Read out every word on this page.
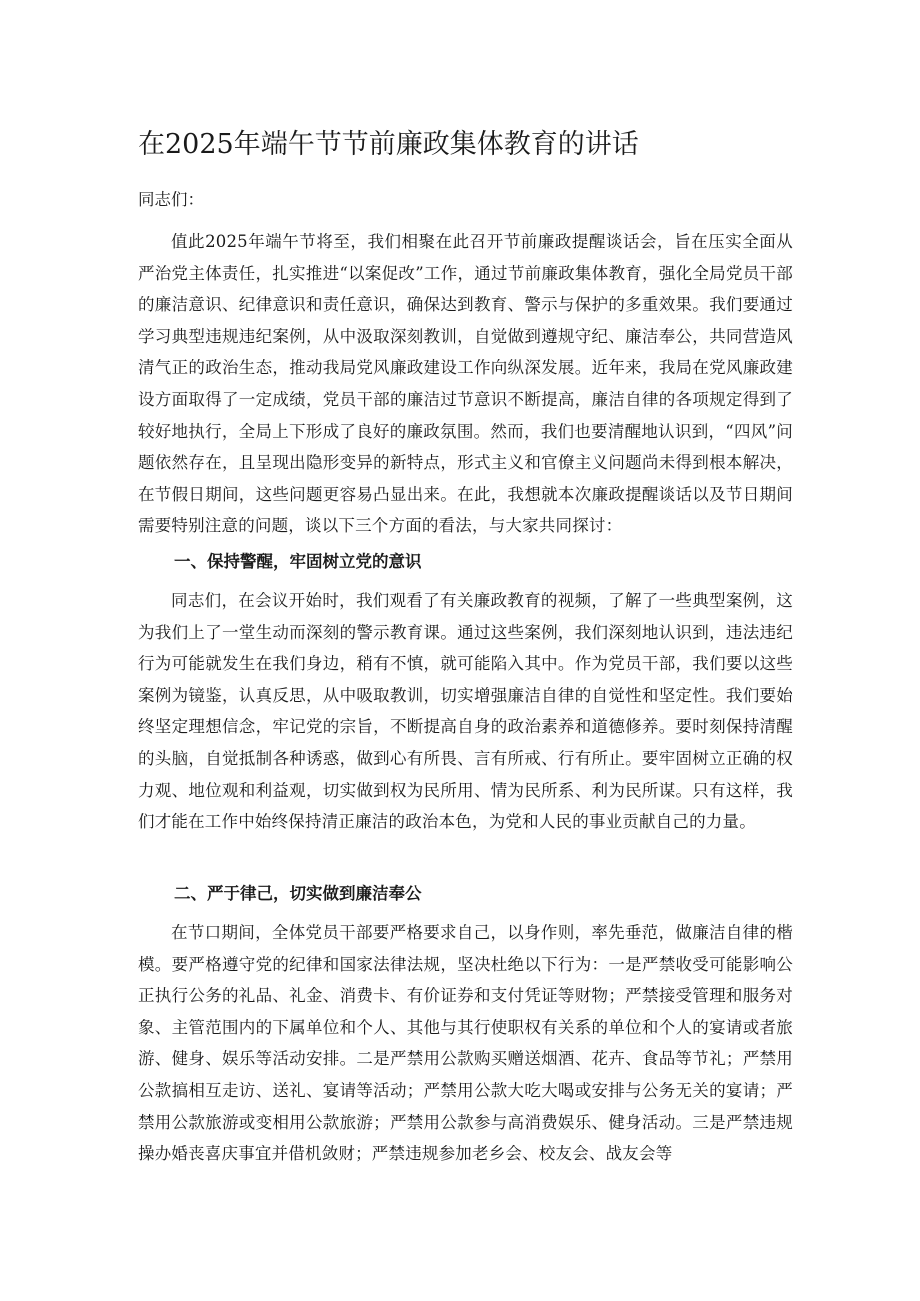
在2025年端午节节前廉政集体教育的讲话

同志们：

值此2025年端午节将至，我们相聚在此召开节前廉政提醒谈话会，旨在压实全面从严治党主体责任，扎实推进“以案促改”工作，通过节前廉政集体教育，强化全局党员干部的廉洁意识、纪律意识和责任意识，确保达到教育、警示与保护的多重效果。我们要通过学习典型违规违纪案例，从中汲取深刻教训，自觉做到遵规守纪、廉洁奉公，共同营造风清气正的政治生态，推动我局党风廉政建设工作向纵深发展。近年来，我局在党风廉政建设方面取得了一定成绩，党员干部的廉洁过节意识不断提高，廉洁自律的各项规定得到了较好地执行，全局上下形成了良好的廉政氛围。然而，我们也要清醒地认识到，“四风”问题依然存在，且呈现出隐形变异的新特点，形式主义和官僚主义问题尚未得到根本解决，在节假日期间，这些问题更容易凸显出来。在此，我想就本次廉政提醒谈话以及节日期间需要特别注意的问题，谈以下三个方面的看法，与大家共同探讨：

一、保持警醒，牢固树立党的意识

同志们，在会议开始时，我们观看了有关廉政教育的视频，了解了一些典型案例，这为我们上了一堂生动而深刻的警示教育课。通过这些案例，我们深刻地认识到，违法违纪行为可能就发生在我们身边，稍有不慎，就可能陷入其中。作为党员干部，我们要以这些案例为镜鉴，认真反思，从中吸取教训，切实增强廉洁自律的自觉性和坚定性。我们要始终坚定理想信念，牢记党的宗旨，不断提高自身的政治素养和道德修养。要时刻保持清醒的头脑，自觉抵制各种诱惑，做到心有所畏、言有所戒、行有所止。要牢固树立正确的权力观、地位观和利益观，切实做到权为民所用、情为民所系、利为民所谋。只有这样，我们才能在工作中始终保持清正廉洁的政治本色，为党和人民的事业贡献自己的力量。

二、严于律己，切实做到廉洁奉公

在节口期间，全体党员干部要严格要求自己，以身作则，率先垂范，做廉洁自律的楷模。要严格遵守党的纪律和国家法律法规，坚决杜绝以下行为：一是严禁收受可能影响公正执行公务的礼品、礼金、消费卡、有价证券和支付凭证等财物；严禁接受管理和服务对象、主管范围内的下属单位和个人、其他与其行使职权有关系的单位和个人的宴请或者旅游、健身、娱乐等活动安排。二是严禁用公款购买赠送烟酒、花卉、食品等节礼；严禁用公款搞相互走访、送礼、宴请等活动；严禁用公款大吃大喝或安排与公务无关的宴请；严禁用公款旅游或变相用公款旅游；严禁用公款参与高消费娱乐、健身活动。三是严禁违规操办婚丧喜庆事宜并借机敛财；严禁违规参加老乡会、校友会、战友会等
